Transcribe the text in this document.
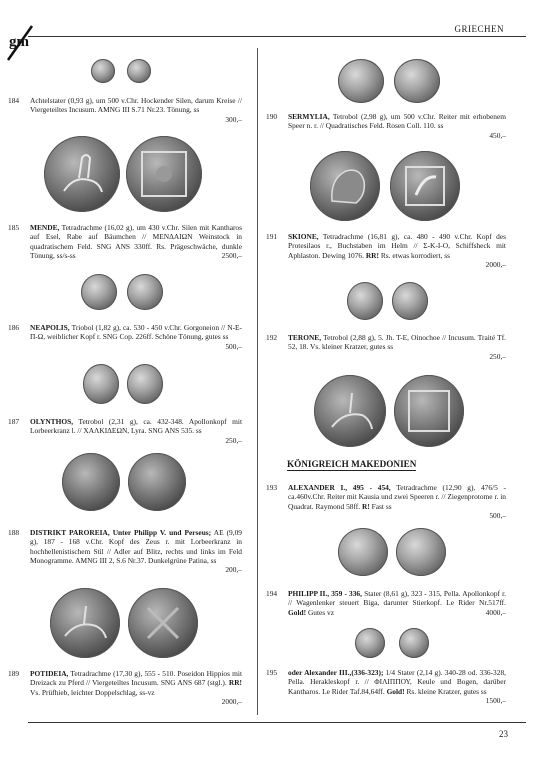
gm
GRIECHEN
184	Achtelstater (0,93 g), um 500 v.Chr. Hockender Silen, darum Kreise // Viergeteiltes Incusum. AMNG III S.71 Nr.23. Tönung, ss
300,–
185	MENDE, Tetradrachme (16,02 g), um 430 v.Chr. Silen mit Kantharos auf Esel, Rabe auf Bäumchen // ΜΕΝΔΑΙΩΝ Weinstock in quadratischem Feld. SNG ANS 330ff. Rs. Prägeschwäche, dunkle Tönung, ss/s-ss	2500,–
186	NEAPOLIS, Triobol (1,82 g), ca. 530 - 450 v.Chr. Gorgoneion // Ν-Ε-Π-Ω, weiblicher Kopf r. SNG Cop. 226ff. Schöne Tönung, gutes ss
500,–
187	OLYNTHOS, Tetrobol (2,31 g), ca. 432-348. Apollonkopf mit Lorbeerkranz l. // ΧΑΛΚΙΔΕΩΝ, Lyra. SNG ANS 535. ss
250,–
188	DISTRIKT PAROREIA, Unter Philipp V. und Perseus; AE (9,09 g), 187 - 168 v.Chr. Kopf des Zeus r. mit Lorbeerkranz in hochhellenistischem Stil // Adler auf Blitz, rechts und links im Feld Monogramme. AMNG III 2, S.6 Nr.37. Dunkelgrüne Patina, ss
200,–
189	POTIDEIA, Tetradrachme (17,30 g), 555 - 510. Poseidon Hippios mit Dreizack zu Pferd // Viergeteiltes Incusum. SNG ANS 687 (stgl.). RR! Vs. Prüfhieb, leichter Doppelschlag, ss-vz
2000,–
190	SERMYLIA, Tetrobol (2,98 g), um 500 v.Chr. Reiter mit erhobenem Speer n. r. // Quadratisches Feld. Rosen Coll. 110. ss
450,–
191	SKIONE, Tetradrachme (16,81 g), ca. 480 - 490 v.Chr. Kopf des Protesilaos r., Buchstaben im Helm // Σ-Κ-Ι-Ο, Schiffsheck mit Aphlaston. Dewing 1076. RR! Rs. etwas korrodiert, ss
2000,–
192	TERONE, Tetrobol (2,88 g), 5. Jh. T-E, Oinochoe // Incusum. Traité Tf. 52, 18. Vs. kleiner Kratzer, gutes ss
250,–
KÖNIGREICH MAKEDONIEN
193	ALEXANDER I., 495 - 454, Tetradrachme (12,90 g), 476/5 - ca.460v.Chr. Reiter mit Kausia und zwei Speeren r. // Ziegenprotome r. in Quadrat. Raymond 58ff. R! Fast ss
500,–
194	PHILIPP II., 359 - 336, Stater (8,61 g), 323 - 315, Pella. Apollonkopf r. // Wagenlenker steuert Biga, darunter Stierkopf. Le Rider Nr.517ff. Gold! Gutes vz	4000,–
195	oder Alexander III.,(336-323); 1/4 Stater (2,14 g). 340-28 od. 336-328, Pella. Herakleskopf r. // ΦΙΛΙΠΠΟΥ, Keule und Bogen, darüber Kantharos. Le Rider Taf.84,64ff. Gold! Rs. kleine Kratzer, gutes ss
1500,–
23
